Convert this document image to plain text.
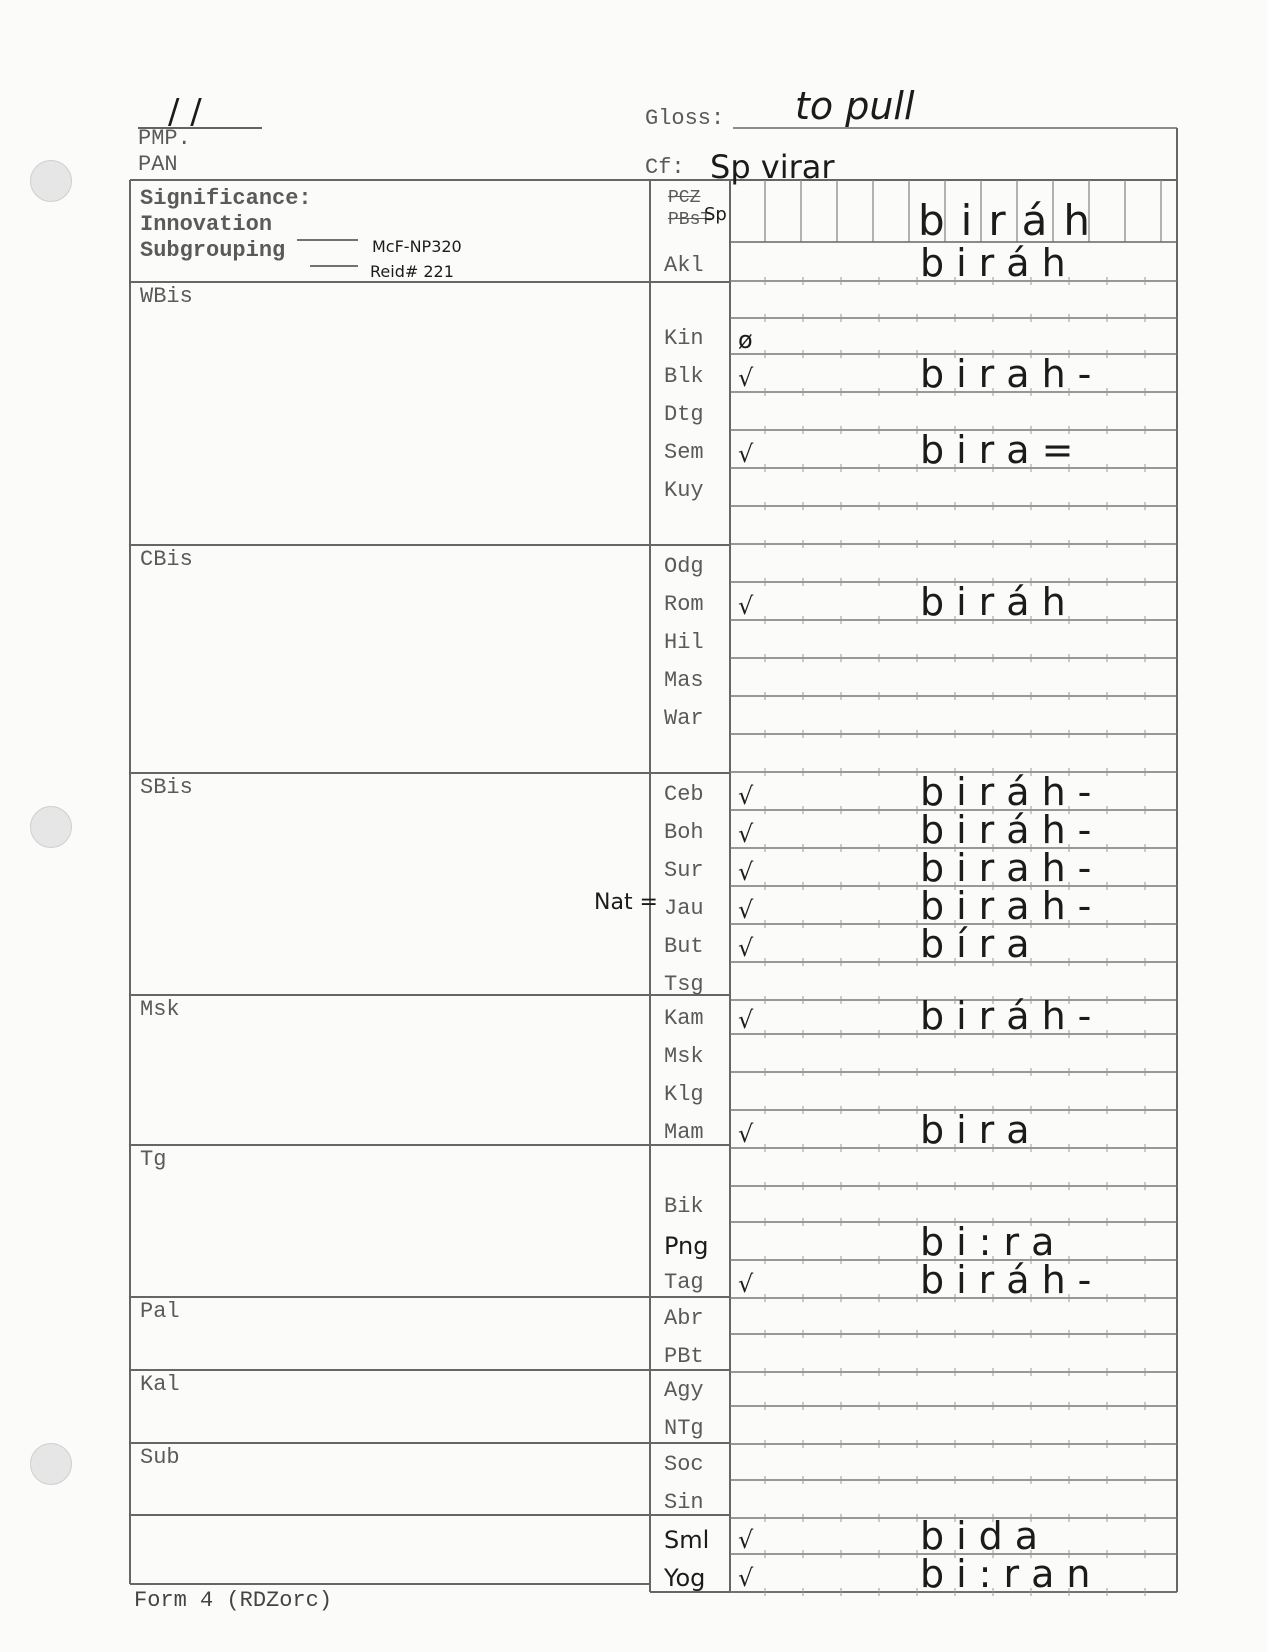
/ /
PMP.
PAN
Gloss: to pull
Cf: Sp virar
Significance:
Innovation
Subgrouping	McF-NP320
Reid# 221
PCZ
PBsT
Sp	biráh
WBis
CBis
SBis
Msk
Tg
Pal
Kal
Sub
Akl	biráh
Kin ø
Blk √	birah-
Dtg
Sem √	bira=
Kuy
Odg
Rom √	biráh
Hil
Mas
War
Ceb √	biráh-
Boh √	biráh-
Sur √	birah-
Jau √	birah-
But √	bíra
Tsg
Kam √	biráh-
Msk
Klg
Mam √	bira
Bik
Png	bi:ra
Tag √	biráh-
Abr
PBt
Agy
NTg
Soc
Sin
Sml √	bida
Yog √	bi:ran
Nat =
Form 4 (RDZorc)
